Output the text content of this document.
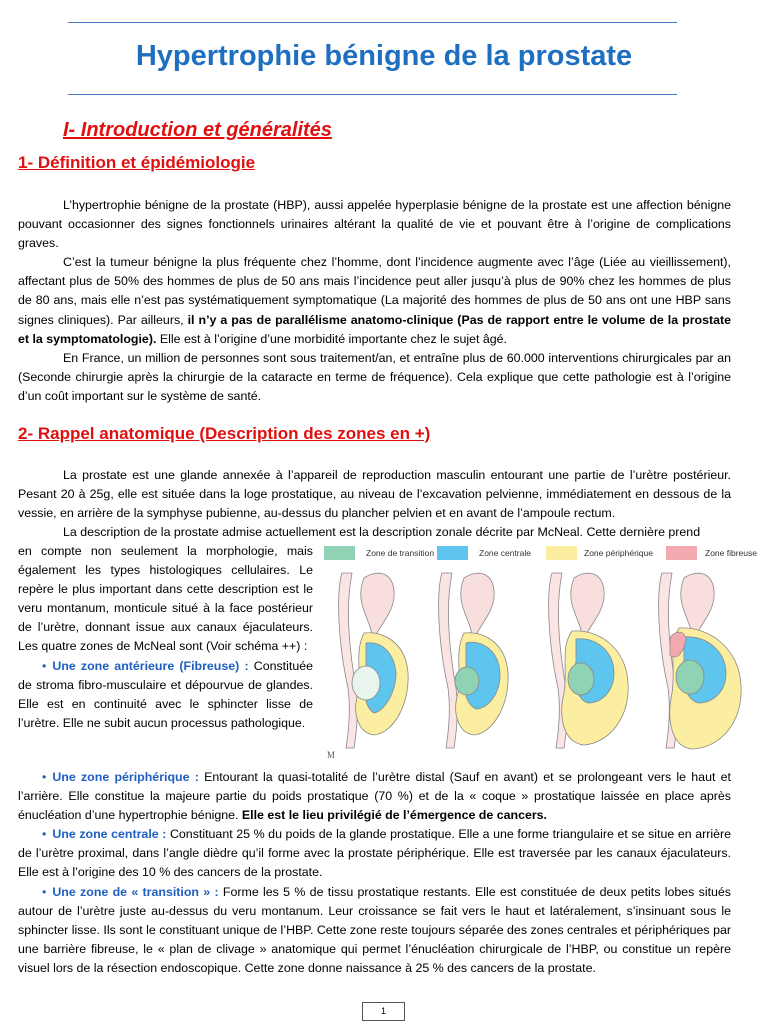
Hypertrophie bénigne de la prostate
I- Introduction et généralités
1- Définition et épidémiologie

L’hypertrophie bénigne de la prostate (HBP), aussi appelée hyperplasie bénigne de la prostate est une affection bénigne pouvant occasionner des signes fonctionnels urinaires altérant la qualité de vie et pouvant être à l’origine de complications graves.

C’est la tumeur bénigne la plus fréquente chez l’homme, dont l’incidence augmente avec l’âge (Liée au vieillissement), affectant plus de 50% des hommes de plus de 50 ans mais l’incidence peut aller jusqu’à plus de 90% chez les hommes de plus de 80 ans, mais elle n’est pas systématiquement symptomatique (La majorité des hommes de plus de 50 ans ont une HBP sans signes cliniques). Par ailleurs, il n’y a pas de parallélisme anatomo-clinique (Pas de rapport entre le volume de la prostate et la symptomatologie). Elle est à l’origine d’une morbidité importante chez le sujet âgé.

En France, un million de personnes sont sous traitement/an, et entraîne plus de 60.000 interventions chirurgicales par an (Seconde chirurgie après la chirurgie de la cataracte en terme de fréquence). Cela explique que cette pathologie est à l’origine d’un coût important sur le système de santé.

2- Rappel anatomique (Description des zones en +)

La prostate est une glande annexée à l’appareil de reproduction masculin entourant une partie de l’urètre postérieur. Pesant 20 à 25g, elle est située dans la loge prostatique, au niveau de l’excavation pelvienne, immédiatement en dessous de la vessie, en arrière de la symphyse pubienne, au-dessus du plancher pelvien et en avant de l’ampoule rectum.

La description de la prostate admise actuellement est la description zonale décrite par McNeal. Cette dernière prend

en compte non seulement la morphologie, mais également les types histologiques cellulaires. Le repère le plus important dans cette description est le veru montanum, monticule situé à la face postérieur de l’urètre, donnant issue aux canaux éjaculateurs. Les quatre zones de McNeal sont (Voir schéma ++) :

• Une zone antérieure (Fibreuse) : Constituée de stroma fibro-musculaire et dépourvue de glandes. Elle est en continuité avec le sphincter lisse de l’urètre. Elle ne subit aucun processus pathologique.

Zone de transition	Zone centrale	Zone périphérique	Zone fibreuse
M

• Une zone périphérique : Entourant la quasi-totalité de l’urètre distal (Sauf en avant) et se prolongeant vers le haut et l’arrière. Elle constitue la majeure partie du poids prostatique (70 %) et de la « coque » prostatique laissée en place après énucléation d’une hypertrophie bénigne. Elle est le lieu privilégié de l’émergence de cancers.

• Une zone centrale : Constituant 25 % du poids de la glande prostatique. Elle a une forme triangulaire et se situe en arrière de l’urètre proximal, dans l’angle dièdre qu’il forme avec la prostate périphérique. Elle est traversée par les canaux éjaculateurs. Elle est à l’origine des 10 % des cancers de la prostate.

• Une zone de « transition » : Forme les 5 % de tissu prostatique restants. Elle est constituée de deux petits lobes situés autour de l’urètre juste au-dessus du veru montanum. Leur croissance se fait vers le haut et latéralement, s’insinuant sous le sphincter lisse. Ils sont le constituant unique de l’HBP. Cette zone reste toujours séparée des zones centrales et périphériques par une barrière fibreuse, le « plan de clivage » anatomique qui permet l’énucléation chirurgicale de l’HBP, ou constitue un repère visuel lors de la résection endoscopique. Cette zone donne naissance à 25 % des cancers de la prostate.

1
